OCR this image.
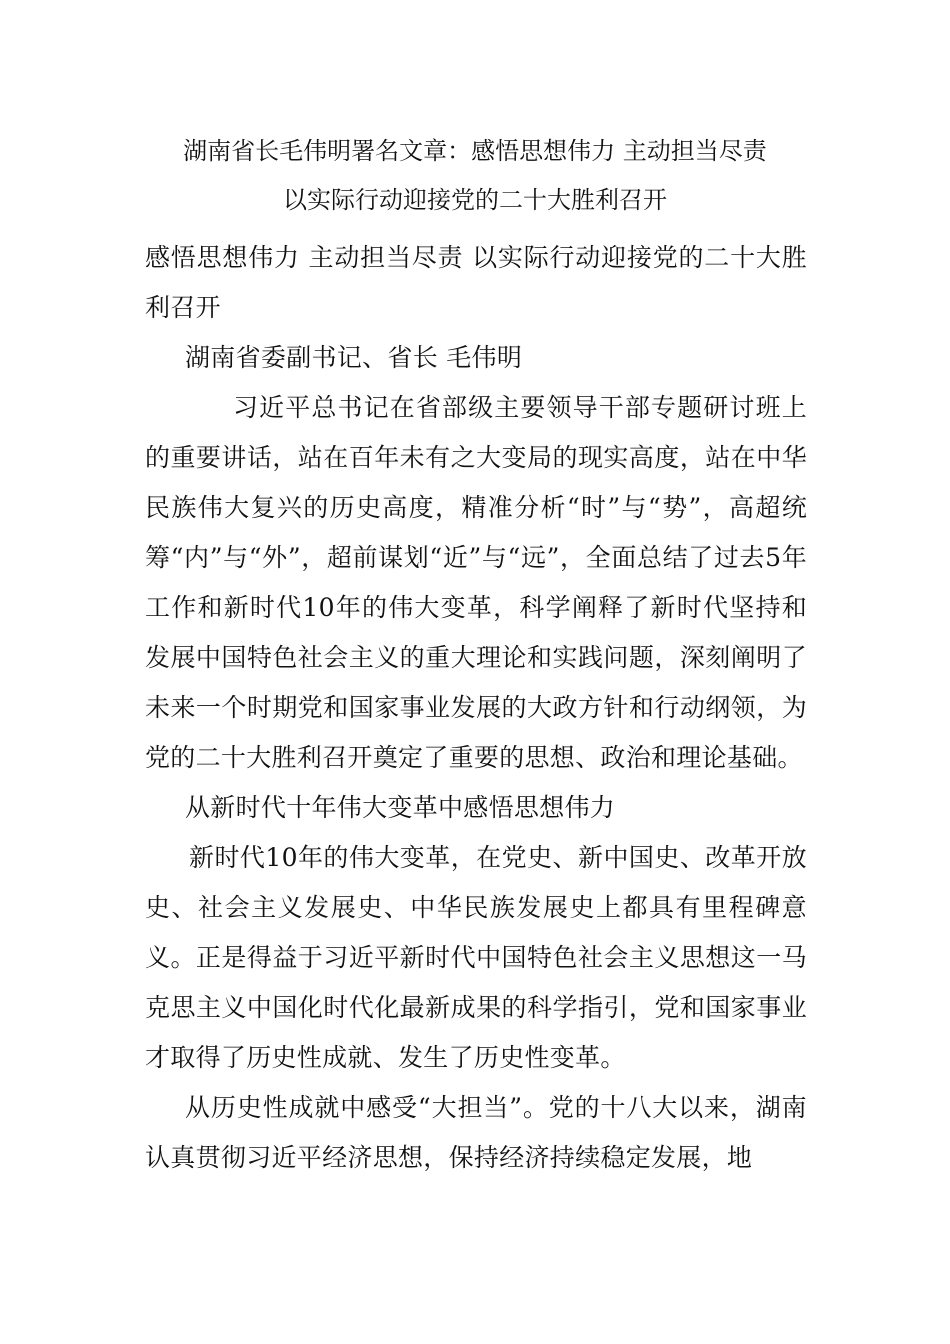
湖南省长毛伟明署名文章：感悟思想伟力 主动担当尽责
以实际行动迎接党的二十大胜利召开

感悟思想伟力 主动担当尽责 以实际行动迎接党的二十大胜利召开

湖南省委副书记、省长 毛伟明

习近平总书记在省部级主要领导干部专题研讨班上的重要讲话，站在百年未有之大变局的现实高度，站在中华民族伟大复兴的历史高度，精准分析“时”与“势”，高超统筹“内”与“外”，超前谋划“近”与“远”，全面总结了过去5年工作和新时代10年的伟大变革，科学阐释了新时代坚持和发展中国特色社会主义的重大理论和实践问题，深刻阐明了未来一个时期党和国家事业发展的大政方针和行动纲领，为党的二十大胜利召开奠定了重要的思想、政治和理论基础。

从新时代十年伟大变革中感悟思想伟力

新时代10年的伟大变革，在党史、新中国史、改革开放史、社会主义发展史、中华民族发展史上都具有里程碑意义。正是得益于习近平新时代中国特色社会主义思想这一马克思主义中国化时代化最新成果的科学指引，党和国家事业才取得了历史性成就、发生了历史性变革。

从历史性成就中感受“大担当”。党的十八大以来，湖南认真贯彻习近平经济思想，保持经济持续稳定发展，地
